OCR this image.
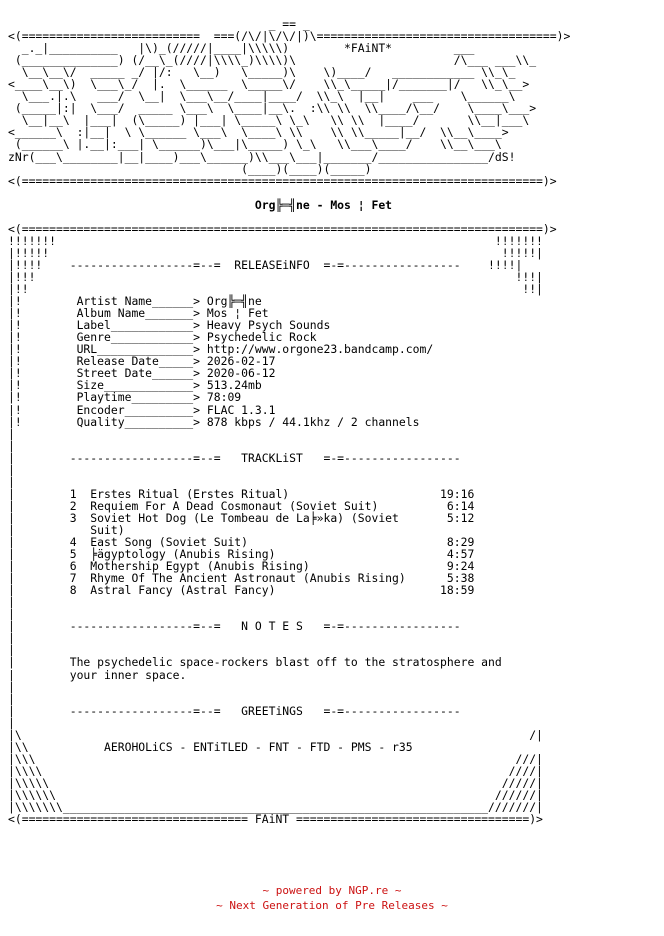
_ == _
<(==========================  ===(/\/|\/\/|)\===================================)>
_._|__________   |\)_(/////|____|\\\\\)        *FAiNT*         ___
(______________) (/__\_(////|\\\\_)\\\\)\                       /\___ ___\\_
\__\__\/  _____ _/ |/:   \__)   \_____)\    \)____/   ____________ \\_\_
<____\__\)  \___\_/  |.  \______  \_____\/    \\_\_____|/_______|/   \\_\__>
\___.|.\   ___/  \__|  \___\__/____|____/  \\_\  |__|    ___    \______\
(_____|:|  \___/  _____ \___\  \____|__\.  :\\ \\  \\____/\__/    \____\___>
\__|__\  |___|  (\_____) |___| \_____\ \_\   \\ \\  |____/       \\__|___\
<______\  :|__|  \ \______ \___\  \____\ \\    \\ \\_____|__/  \\__\____>
(______\ |.__|:___| \______)\___|\_____) \_\   \\___\____/    \\__\___\
zNr(___\________|__|____)___\______)\\___\___|_______/________________/dS!
(____)(____)(_____)
<(============================================================================)>

Org╠═╣ne - Mos ¦ Fet

<(============================================================================)>
!!!!!!!                                                                !!!!!!!
|!!!!!                                                                  !!!!!|
|!!!!    ------------------=--=  RELEASEiNFO  =-=-----------------    !!!!|
|!!!                                                                      !!!|
|!!                                                                        !!|
|!        Artist Name______> Org╠═╣ne
|!        Album Name_______> Mos ¦ Fet
|!        Label____________> Heavy Psych Sounds
|!        Genre____________> Psychedelic Rock
|!        URL______________> http://www.orgone23.bandcamp.com/
|!        Release Date_____> 2026-02-17
|!        Street Date______> 2020-06-12
|!        Size_____________> 513.24mb
|!        Playtime_________> 78:09
|!        Encoder__________> FLAC 1.3.1
|!        Quality__________> 878 kbps / 44.1khz / 2 channels
|
|
|        ------------------=--=   TRACKLiST   =-=-----------------
|
|
|        1  Erstes Ritual (Erstes Ritual)                      19:16
|        2  Requiem For A Dead Cosmonaut (Soviet Suit)          6:14
|        3  Soviet Hot Dog (Le Tombeau de La╞»ka) (Soviet       5:12
|           Suit)
|        4  East Song (Soviet Suit)                             8:29
|        5  ╞ägyptology (Anubis Rising)                         4:57
|        6  Mothership Egypt (Anubis Rising)                    9:24
|        7  Rhyme Of The Ancient Astronaut (Anubis Rising)      5:38
|        8  Astral Fancy (Astral Fancy)                        18:59
|
|
|        ------------------=--=   N O T E S   =-=-----------------
|
|
|        The psychedelic space-rockers blast off to the stratosphere and
|        your inner space.
|
|
|        ------------------=--=   GREETiNGS   =-=-----------------
|
|\                                                                          /|
|\\           AEROHOLiCS - ENTiTLED - FNT - FTD - PMS - r35
|\\\                                                                      ///|
|\\\\                                                                    ////|
|\\\\\                                                                  /////|
|\\\\\\                                                                //////|
|\\\\\\\______________________________________________________________///////|
<(================================= FAiNT ==================================)>

~ powered by NGP.re ~
~ Next Generation of Pre Releases ~
